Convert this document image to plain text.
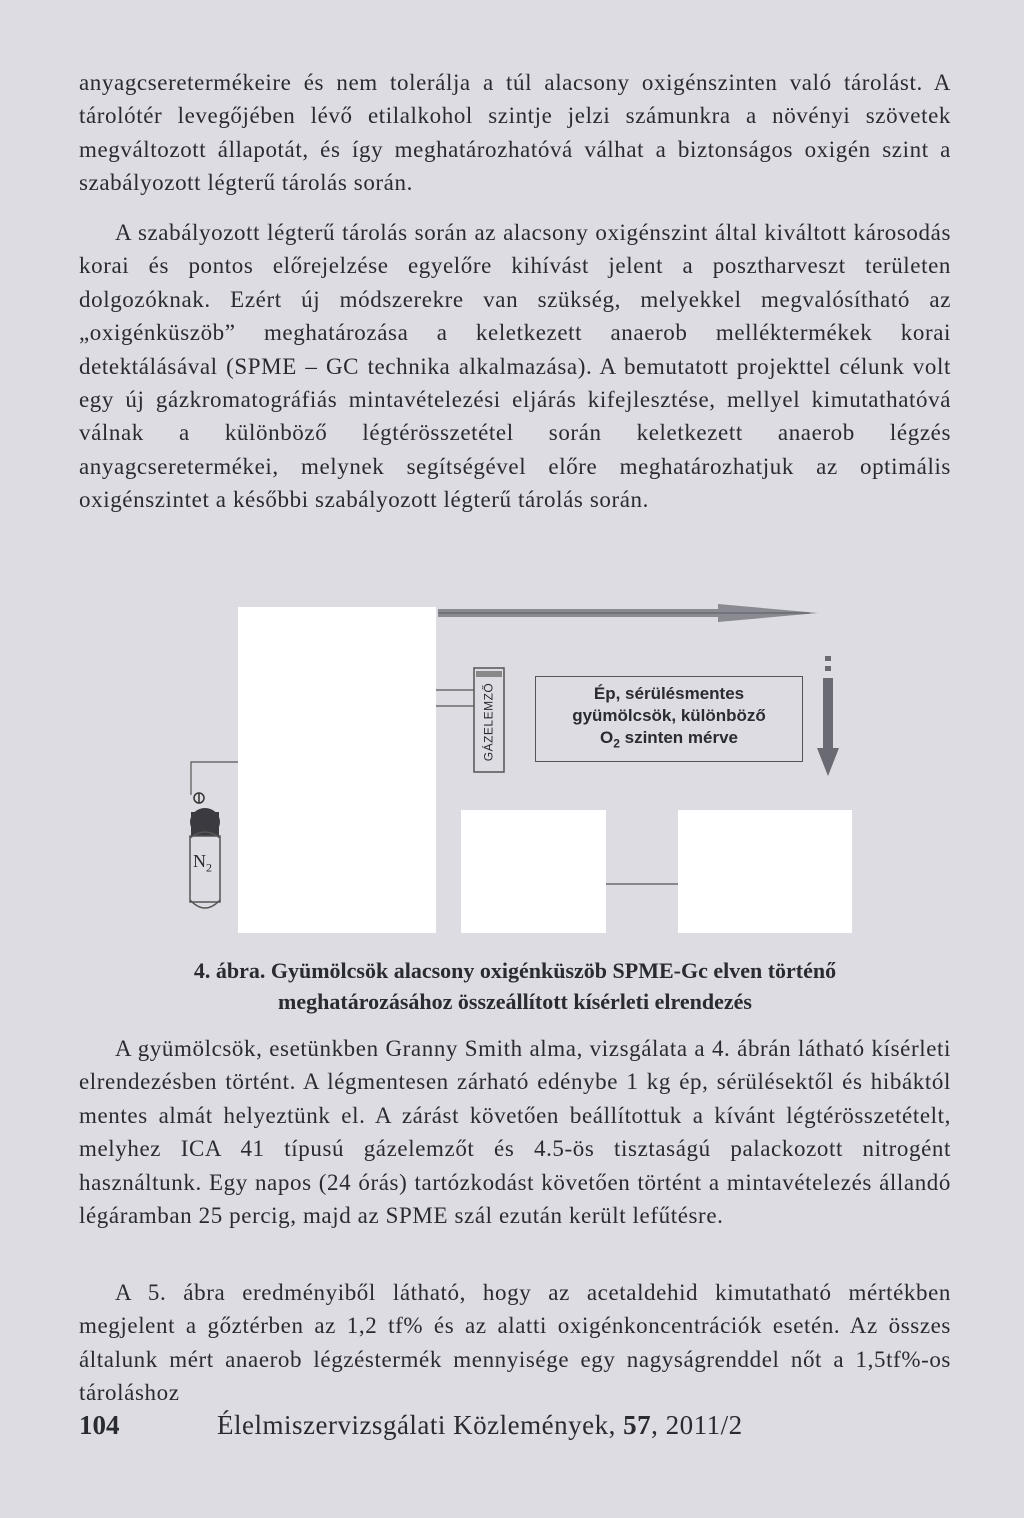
anyagcseretermékeire és nem tolerálja a túl alacsony oxigénszinten való tárolást. A tárolótér levegőjében lévő etilalkohol szintje jelzi számunkra a növényi szövetek megváltozott állapotát, és így meghatározhatóvá válhat a biztonságos oxigén szint a szabályozott légterű tárolás során.

A szabályozott légterű tárolás során az alacsony oxigénszint által kiváltott károsodás korai és pontos előrejelzése egyelőre kihívást jelent a posztharveszt területen dolgozóknak. Ezért új módszerekre van szükség, melyekkel megvalósítható az „oxigénküszöb” meghatározása a keletkezett anaerob melléktermékek korai detektálásával (SPME – GC technika alkalmazása). A bemutatott projekttel célunk volt egy új gázkromatográfiás mintavételezési eljárás kifejlesztése, mellyel kimutathatóvá válnak a különböző légtérösszetétel során keletkezett anaerob légzés anyagcseretermékei, melynek segítségével előre meghatározhatjuk az optimális oxigénszintet a későbbi szabályozott légterű tárolás során.

GÁZELEMZŐ	Ép, sérülésmentes
gyümölcsök, különböző
$O_2$ szinten mérve
$N_2$

4. ábra. Gyümölcsök alacsony oxigénküszöb SPME-Gc elven történő
meghatározásához összeállított kísérleti elrendezés

A gyümölcsök, esetünkben Granny Smith alma, vizsgálata a 4. ábrán látható kísérleti elrendezésben történt. A légmentesen zárható edénybe 1 kg ép, sérülésektől és hibáktól mentes almát helyeztünk el. A zárást követően beállítottuk a kívánt légtérösszetételt, melyhez ICA 41 típusú gázelemzőt és 4.5-ös tisztaságú palackozott nitrogént használtunk. Egy napos (24 órás) tartózkodást követően történt a mintavételezés állandó légáramban 25 percig, majd az SPME szál ezután került lefűtésre.

A 5. ábra eredményiből látható, hogy az acetaldehid kimutatható mértékben megjelent a gőztérben az 1,2 tf% és az alatti oxigénkoncentrációk esetén. Az összes általunk mért anaerob légzéstermék mennyisége egy nagyságrenddel nőt a 1,5tf%-os tároláshoz

104	Élelmiszervizsgálati Közlemények, 57, 2011/2
